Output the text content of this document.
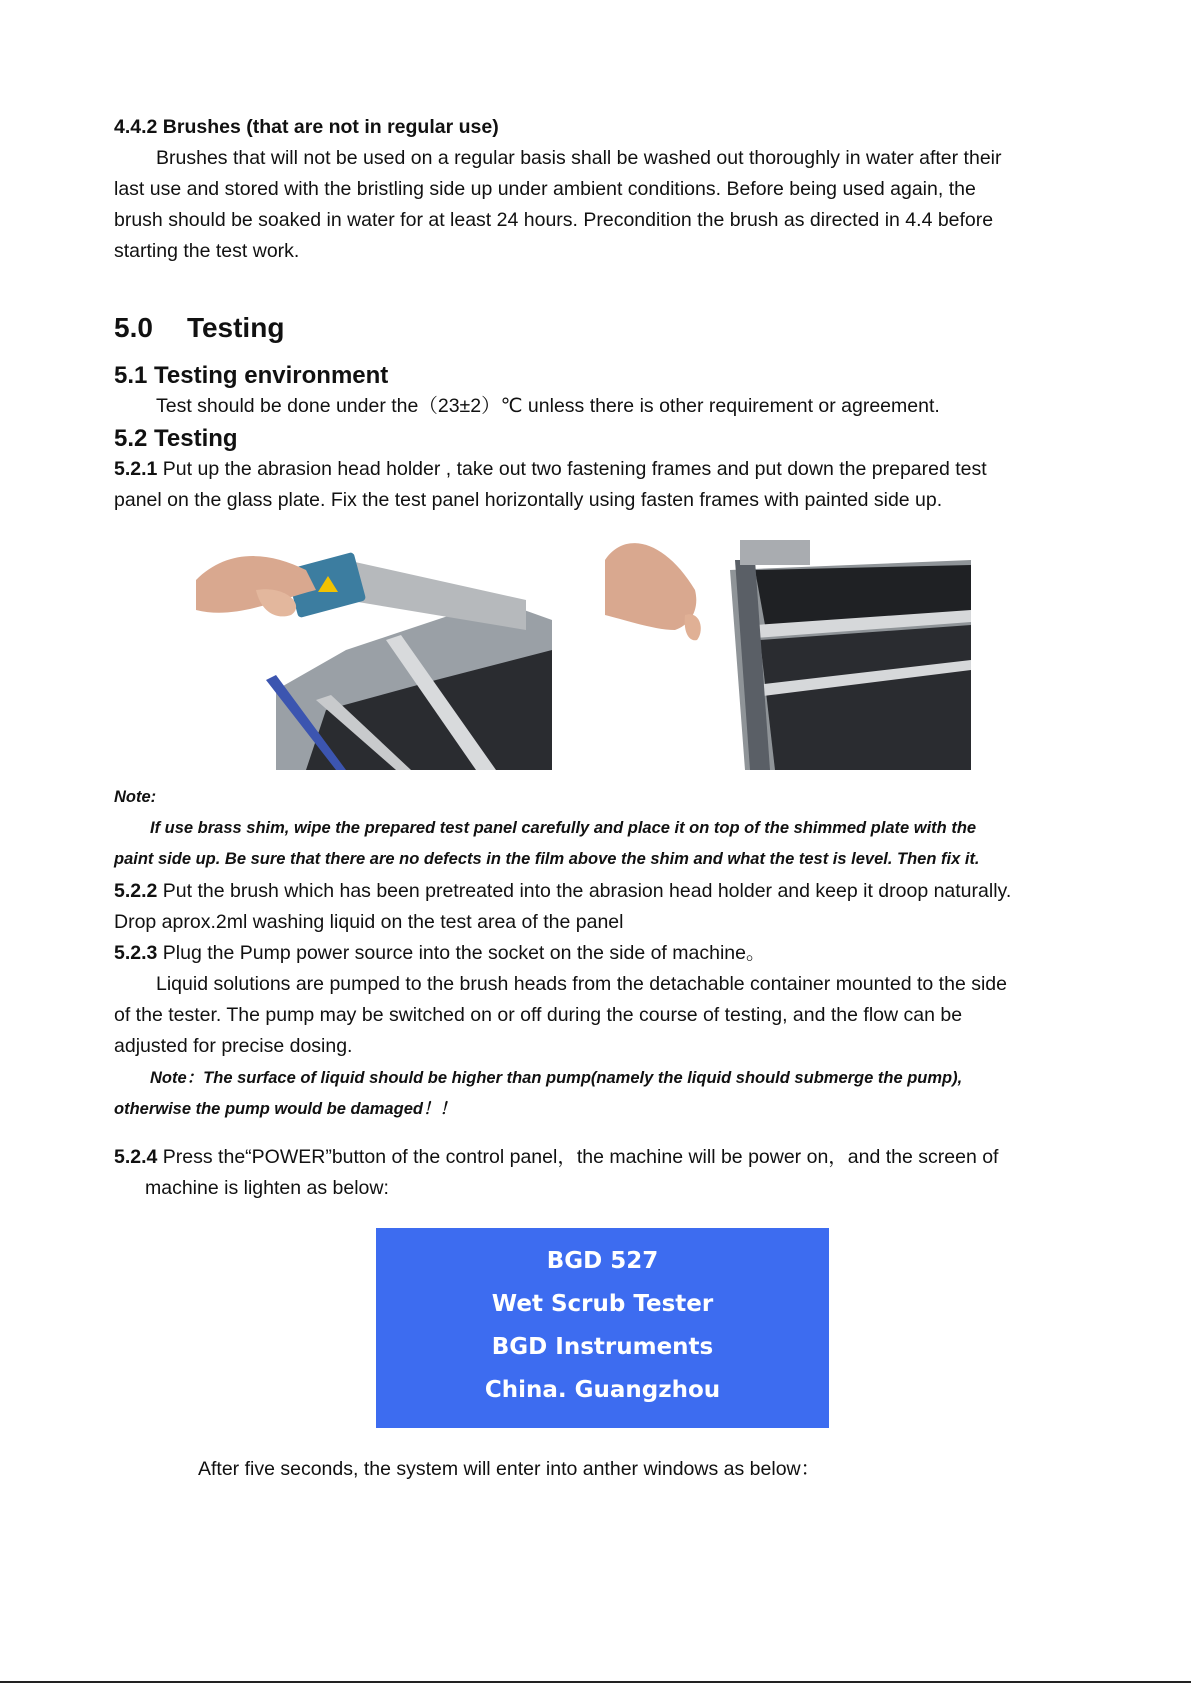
4.4.2 Brushes (that are not in regular use)
Brushes that will not be used on a regular basis shall be washed out thoroughly in water after their
last use and stored with the bristling side up under ambient conditions. Before being used again, the
brush should be soaked in water for at least 24 hours. Precondition the brush as directed in 4.4 before
starting the test work.
5.0 Testing
5.1 Testing environment
Test should be done under the（23±2）℃ unless there is other requirement or agreement.
5.2 Testing
5.2.1 Put up the abrasion head holder , take out two fastening frames and put down the prepared test
panel on the glass plate. Fix the test panel horizontally using fasten frames with painted side up.
Note:
If use brass shim, wipe the prepared test panel carefully and place it on top of the shimmed plate with the
paint side up. Be sure that there are no defects in the film above the shim and what the test is level. Then fix it.
5.2.2 Put the brush which has been pretreated into the abrasion head holder and keep it droop naturally.
Drop aprox.2ml washing liquid on the test area of the panel
5.2.3 Plug the Pump power source into the socket on the side of machine。
Liquid solutions are pumped to the brush heads from the detachable container mounted to the side
of the tester. The pump may be switched on or off during the course of testing, and the flow can be
adjusted for precise dosing.
Note：The surface of liquid should be higher than pump(namely the liquid should submerge the pump),
otherwise the pump would be damaged！！
5.2.4 Press the“POWER”button of the control panel，the machine will be power on，and the screen of
machine is lighten as below:
BGD 527
Wet Scrub Tester
BGD Instruments
China. Guangzhou
After five seconds, the system will enter into anther windows as below：
